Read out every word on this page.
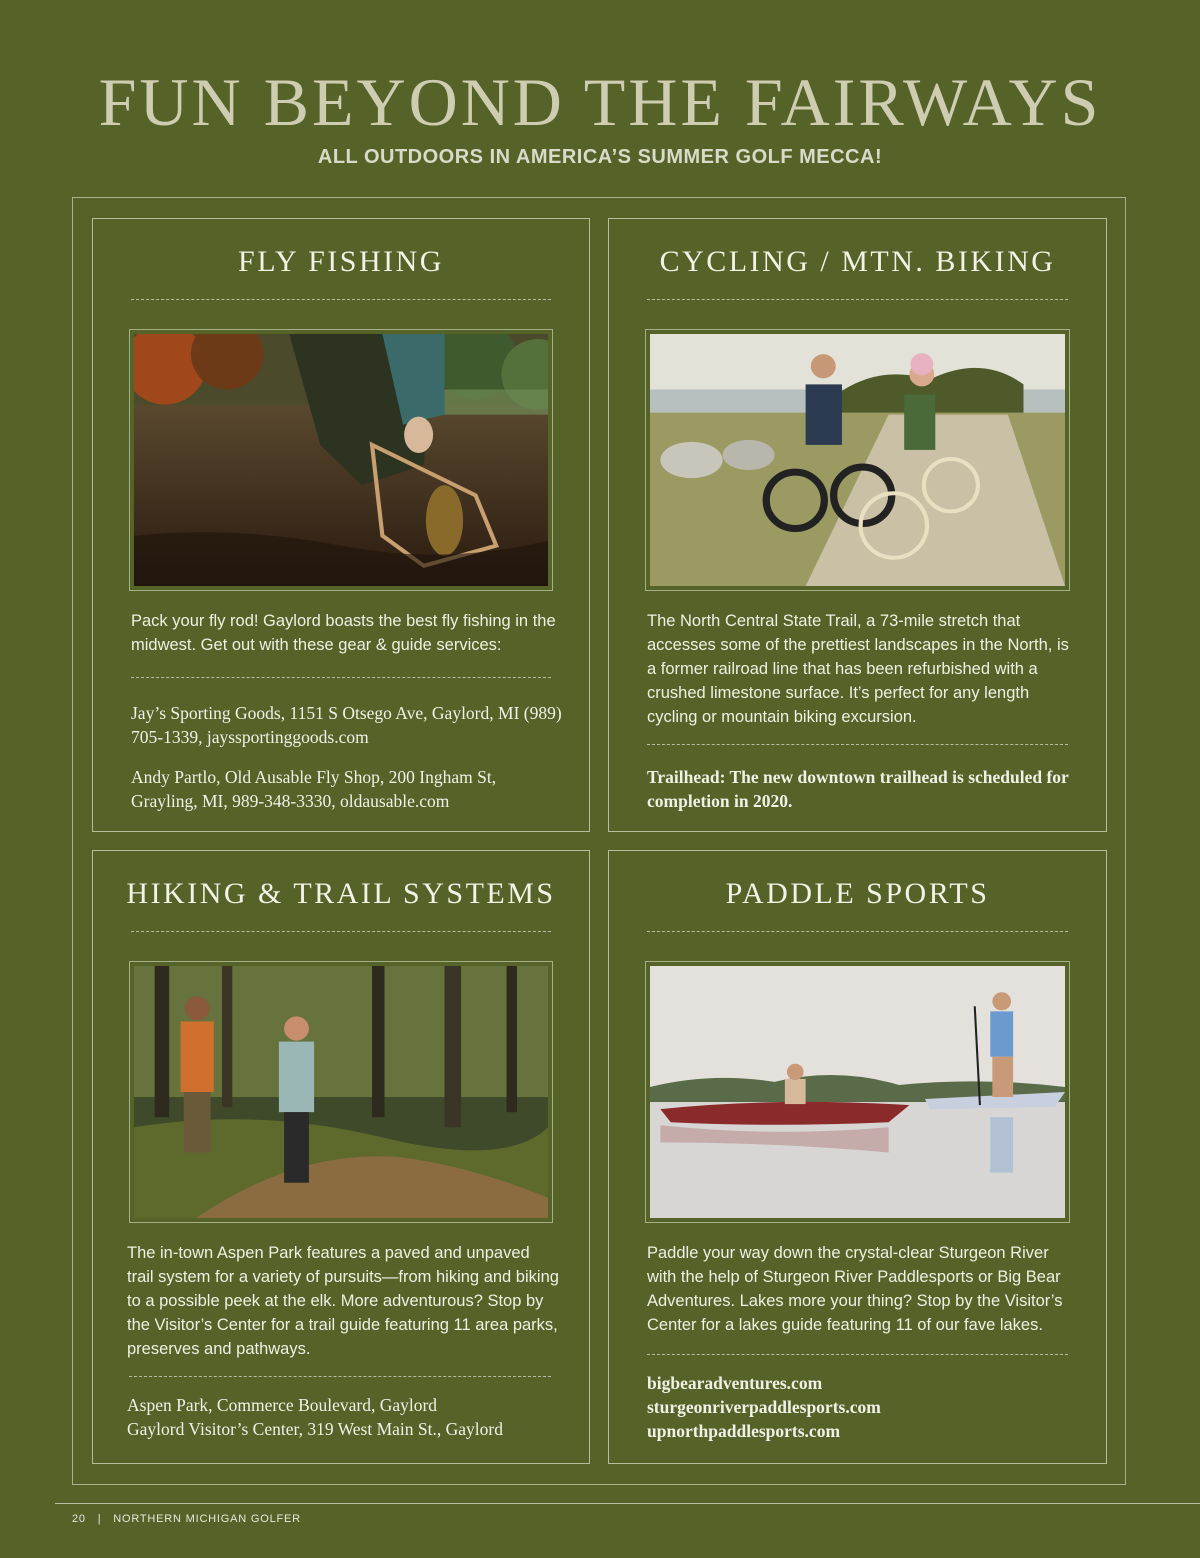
FUN BEYOND THE FAIRWAYS
ALL OUTDOORS IN AMERICA’S SUMMER GOLF MECCA!
FLY FISHING
Pack your fly rod! Gaylord boasts the best fly fishing in the midwest. Get out with these gear & guide services:

Jay’s Sporting Goods, 1151 S Otsego Ave, Gaylord, MI (989) 705-1339, jayssportinggoods.com

Andy Partlo, Old Ausable Fly Shop, 200 Ingham St, Grayling, MI, 989-348-3330, oldausable.com

CYCLING / MTN. BIKING
The North Central State Trail, a 73-mile stretch that accesses some of the prettiest landscapes in the North, is a former railroad line that has been refurbished with a crushed limestone surface. It’s perfect for any length cycling or mountain biking excursion.

Trailhead: The new downtown trailhead is scheduled for completion in 2020.

HIKING & TRAIL SYSTEMS
The in-town Aspen Park features a paved and unpaved trail system for a variety of pursuits—from hiking and biking to a possible peek at the elk. More adventurous? Stop by the Visitor’s Center for a trail guide featuring 11 area parks, preserves and pathways.

Aspen Park, Commerce Boulevard, Gaylord

Gaylord Visitor’s Center, 319 West Main St., Gaylord

PADDLE SPORTS
Paddle your way down the crystal-clear Sturgeon River with the help of Sturgeon River Paddlesports or Big Bear Adventures. Lakes more your thing? Stop by the Visitor’s Center for a lakes guide featuring 11 of our fave lakes.

bigbearadventures.com

sturgeonriverpaddlesports.com

upnorthpaddlesports.com

20 | NORTHERN MICHIGAN GOLFER
